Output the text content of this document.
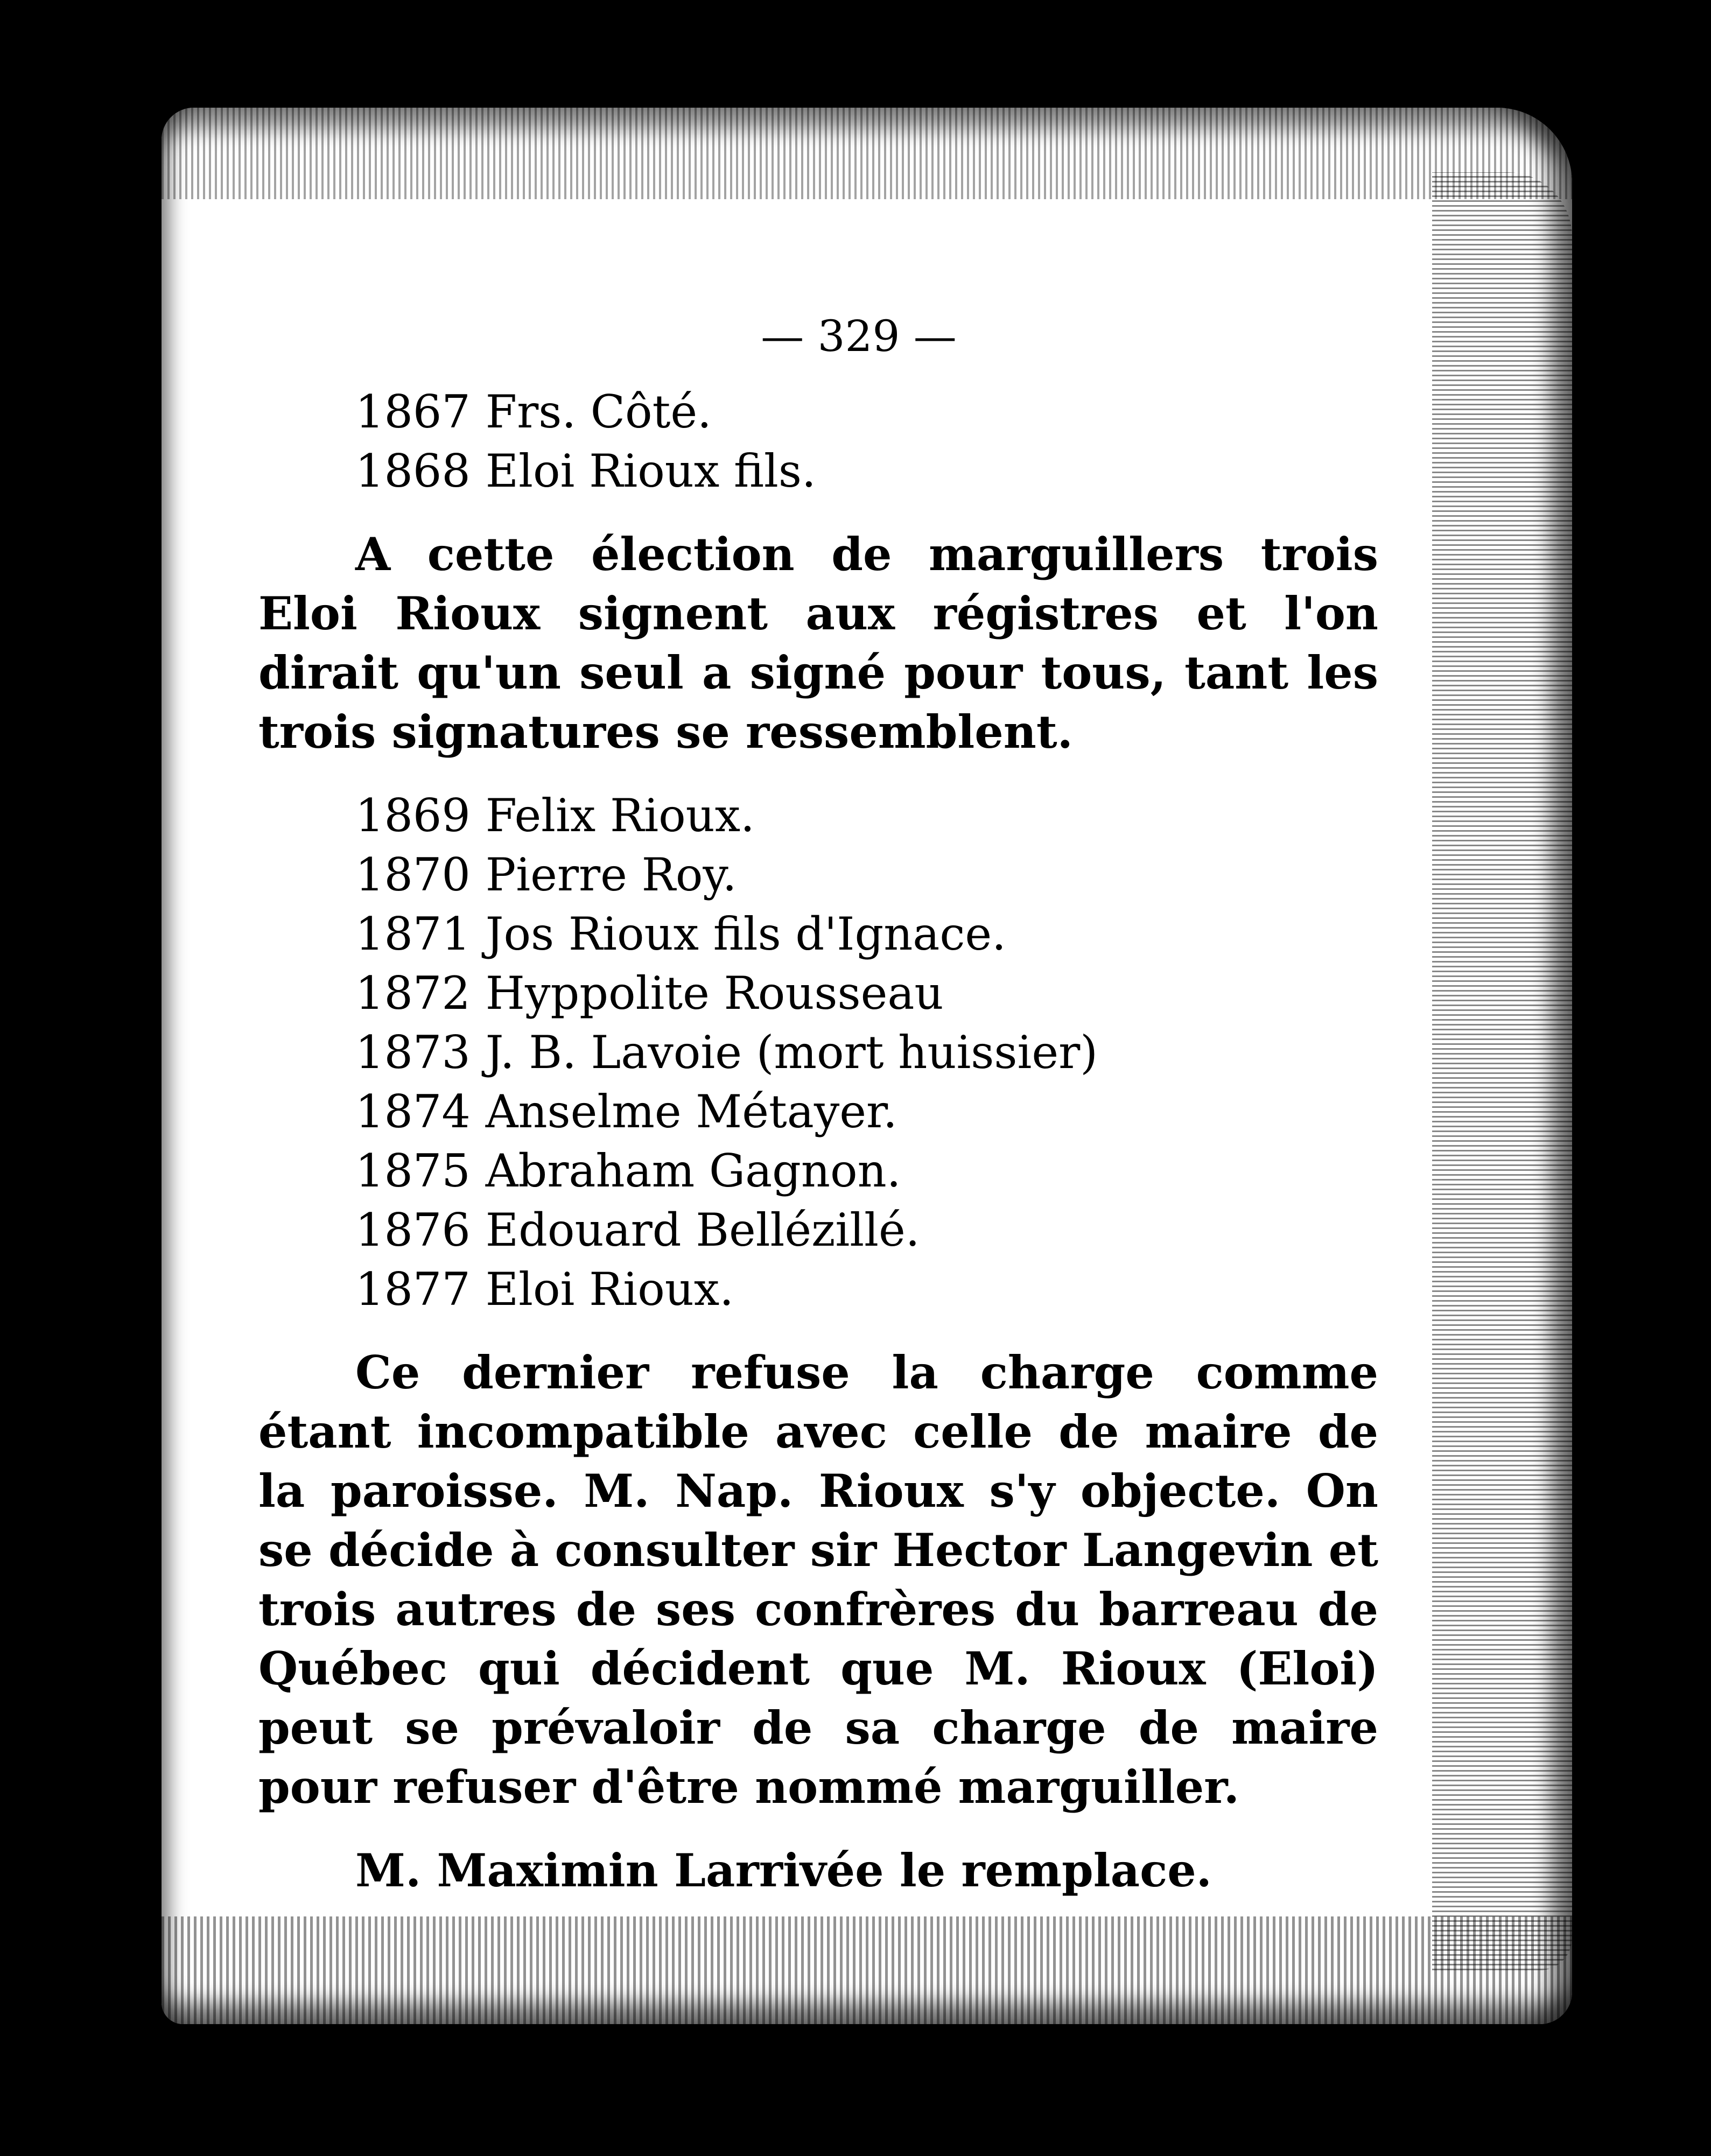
— 329 —
1867 Frs. Côté.
1868 Eloi Rioux fils.

A cette élection de marguillers trois Eloi Rioux signent aux régistres et l'on dirait qu'un seul a signé pour tous, tant les trois signatures se ressemblent.

1869 Felix Rioux.
1870 Pierre Roy.
1871 Jos Rioux fils d'Ignace.
1872 Hyppolite Rousseau
1873 J. B. Lavoie (mort huissier)
1874 Anselme Métayer.
1875 Abraham Gagnon.
1876 Edouard Bellézillé.
1877 Eloi Rioux.

Ce dernier refuse la charge comme étant incompatible avec celle de maire de la paroisse. M. Nap. Rioux s'y objecte. On se décide à consulter sir Hector Langevin et trois autres de ses confrères du barreau de Québec qui décident que M. Rioux (Eloi) peut se prévaloir de sa charge de maire pour refuser d'être nommé marguiller.

M. Maximin Larrivée le remplace.
